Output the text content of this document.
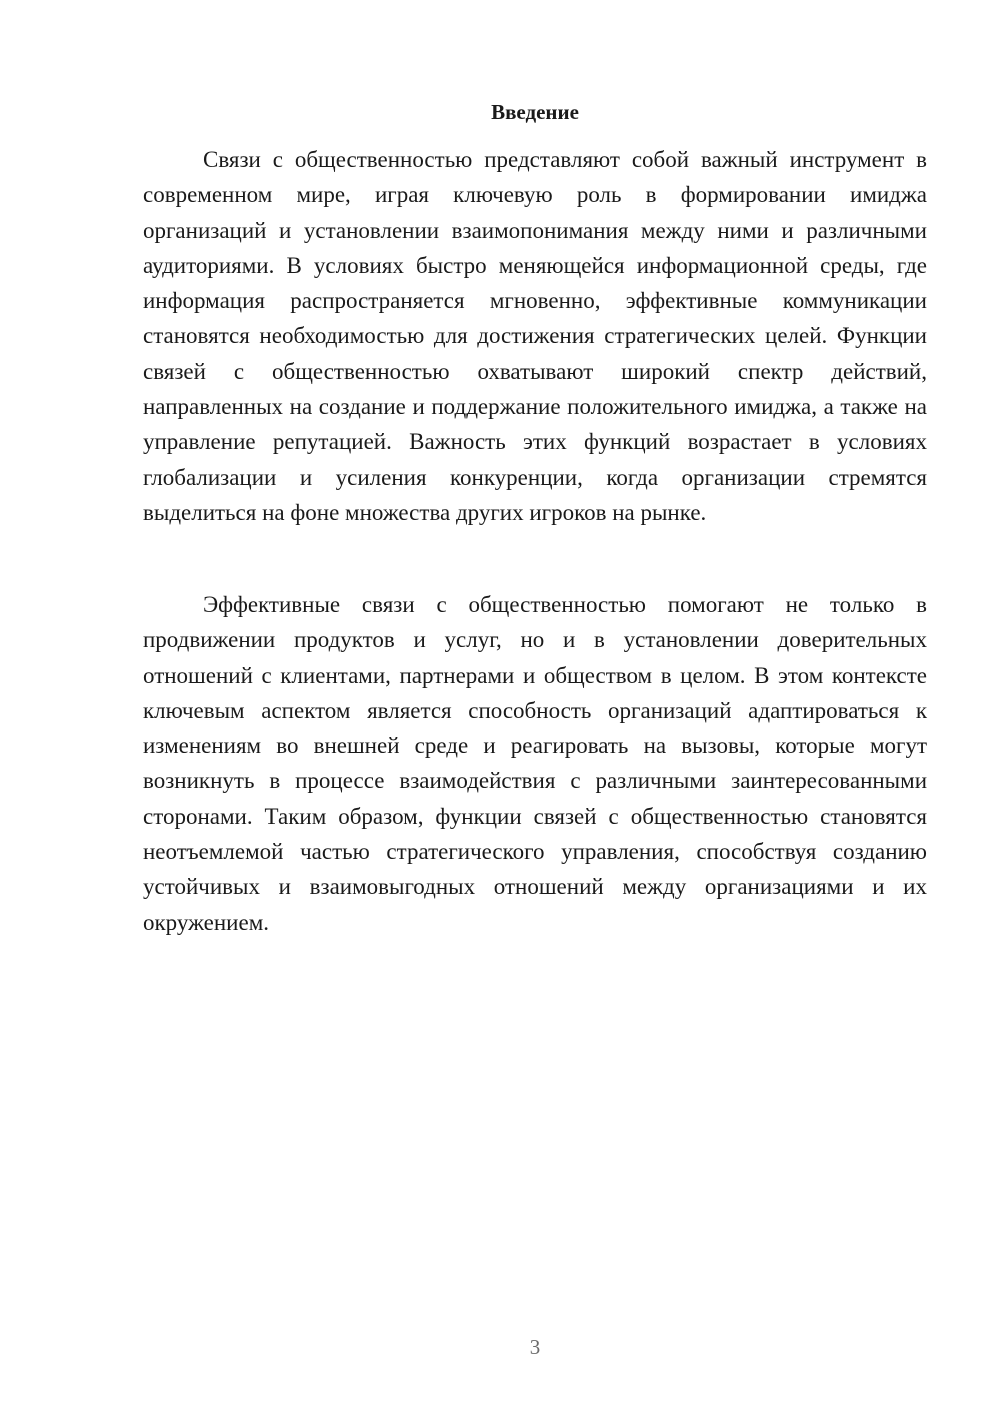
Введение

Связи с общественностью представляют собой важный инструмент в современном мире, играя ключевую роль в формировании имиджа организаций и установлении взаимопонимания между ними и различными аудиториями. В условиях быстро меняющейся информационной среды, где информация распространяется мгновенно, эффективные коммуникации становятся необходимостью для достижения стратегических целей. Функции связей с общественностью охватывают широкий спектр действий, направленных на создание и поддержание положительного имиджа, а также на управление репутацией. Важность этих функций возрастает в условиях глобализации и усиления конкуренции, когда организации стремятся выделиться на фоне множества других игроков на рынке.

Эффективные связи с общественностью помогают не только в продвижении продуктов и услуг, но и в установлении доверительных отношений с клиентами, партнерами и обществом в целом. В этом контексте ключевым аспектом является способность организаций адаптироваться к изменениям во внешней среде и реагировать на вызовы, которые могут возникнуть в процессе взаимодействия с различными заинтересованными сторонами. Таким образом, функции связей с общественностью становятся неотъемлемой частью стратегического управления, способствуя созданию устойчивых и взаимовыгодных отношений между организациями и их окружением.

3
